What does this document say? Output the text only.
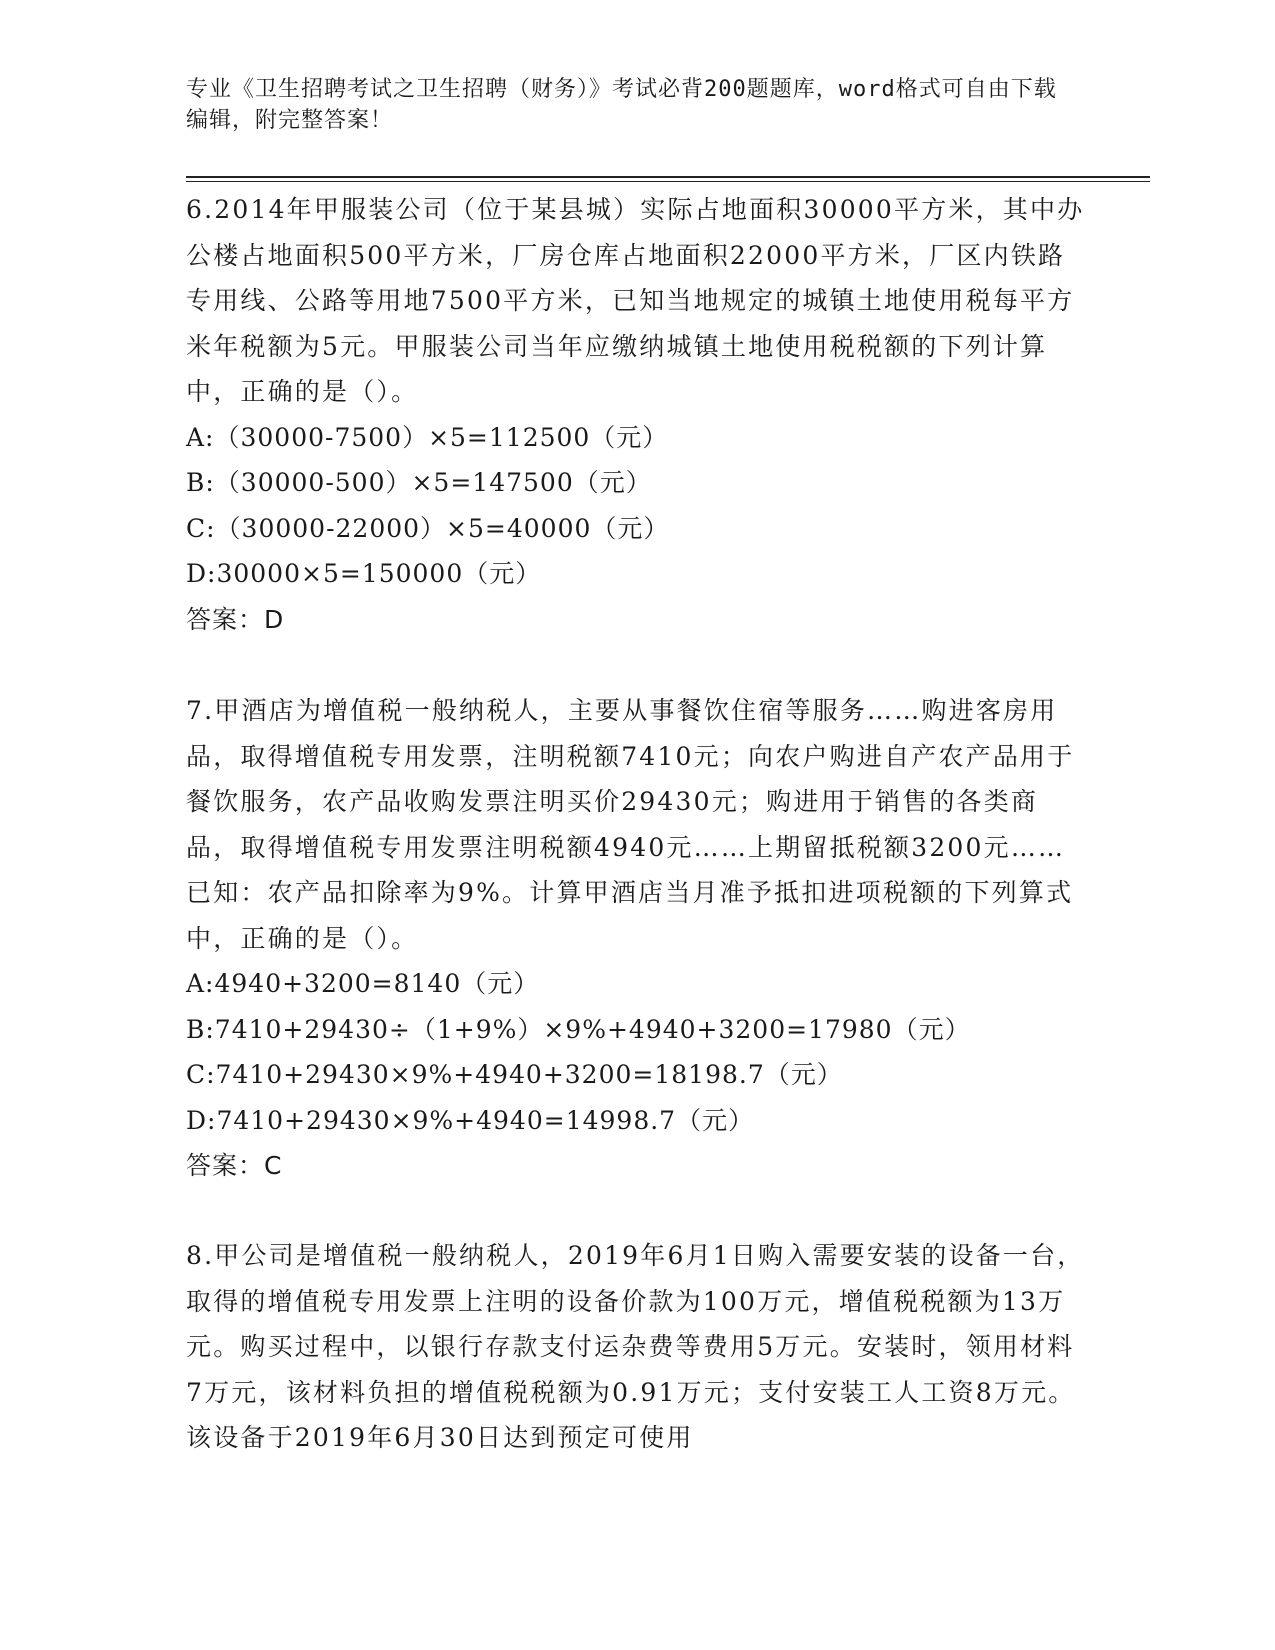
专业《卫生招聘考试之卫生招聘（财务）》考试必背200题题库，word格式可自由下载编辑，附完整答案！

6.2014年甲服装公司（位于某县城）实际占地面积30000平方米，其中办公楼占地面积500平方米，厂房仓库占地面积22000平方米，厂区内铁路专用线、公路等用地7500平方米，已知当地规定的城镇土地使用税每平方米年税额为5元。甲服装公司当年应缴纳城镇土地使用税税额的下列计算中，正确的是（）。

A:（30000-7500）×5=112500（元）

B:（30000-500）×5=147500（元）

C:（30000-22000）×5=40000（元）

D:30000×5=150000（元）

答案：D

7.甲酒店为增值税一般纳税人，主要从事餐饮住宿等服务……购进客房用品，取得增值税专用发票，注明税额7410元；向农户购进自产农产品用于餐饮服务，农产品收购发票注明买价29430元；购进用于销售的各类商品，取得增值税专用发票注明税额4940元……上期留抵税额3200元……已知：农产品扣除率为9%。计算甲酒店当月准予抵扣进项税额的下列算式中，正确的是（）。

A:4940+3200=8140（元）

B:7410+29430÷（1+9%）×9%+4940+3200=17980（元）

C:7410+29430×9%+4940+3200=18198.7（元）

D:7410+29430×9%+4940=14998.7（元）

答案：C

8.甲公司是增值税一般纳税人，2019年6月1日购入需要安装的设备一台，取得的增值税专用发票上注明的设备价款为100万元，增值税税额为13万元。购买过程中，以银行存款支付运杂费等费用5万元。安装时，领用材料7万元，该材料负担的增值税税额为0.91万元；支付安装工人工资8万元。该设备于2019年6月30日达到预定可使用
